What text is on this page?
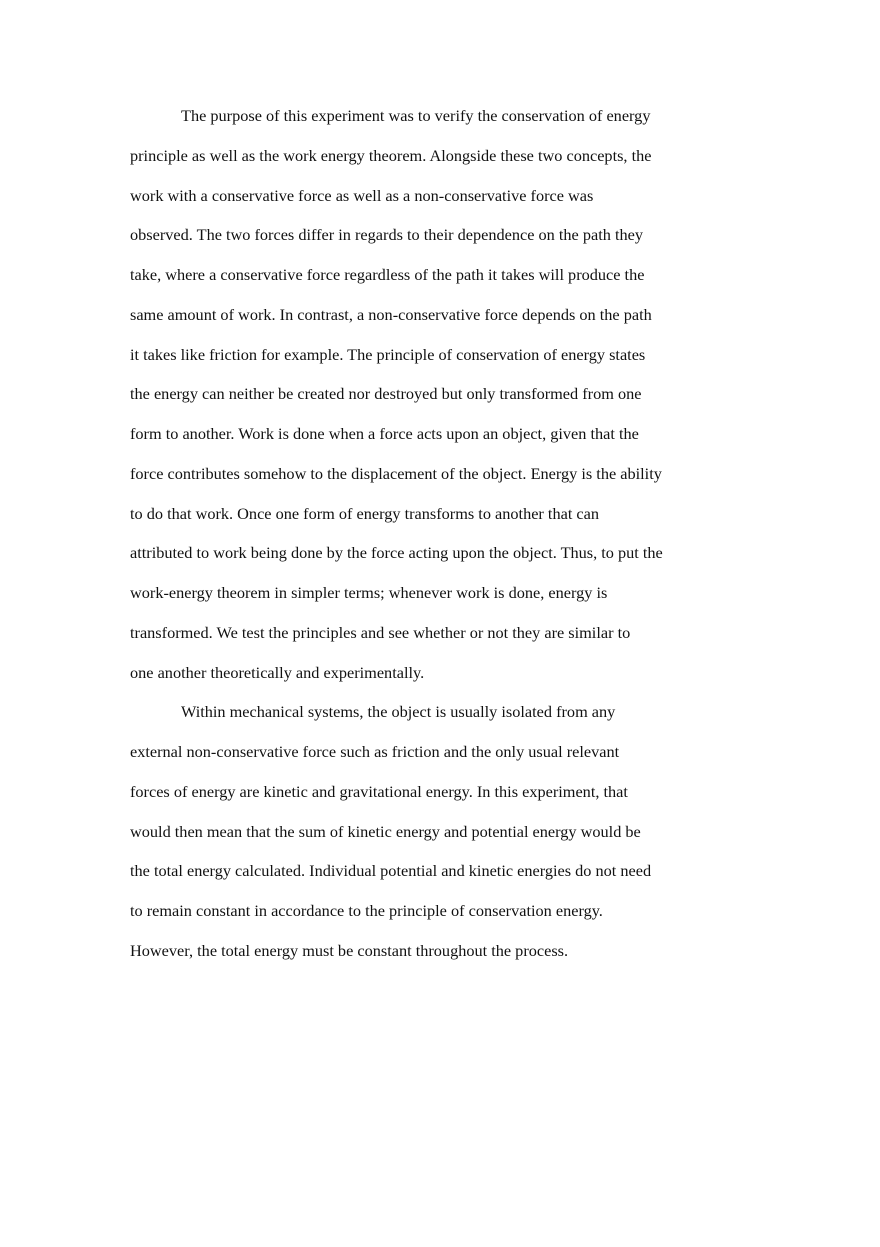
The purpose of this experiment was to verify the conservation of energy
principle as well as the work energy theorem. Alongside these two concepts, the
work with a conservative force as well as a non-conservative force was
observed. The two forces differ in regards to their dependence on the path they
take, where a conservative force regardless of the path it takes will produce the
same amount of work. In contrast, a non-conservative force depends on the path
it takes like friction for example. The principle of conservation of energy states
the energy can neither be created nor destroyed but only transformed from one
form to another. Work is done when a force acts upon an object, given that the
force contributes somehow to the displacement of the object. Energy is the ability
to do that work. Once one form of energy transforms to another that can
attributed to work being done by the force acting upon the object. Thus, to put the
work-energy theorem in simpler terms; whenever work is done, energy is
transformed. We test the principles and see whether or not they are similar to
one another theoretically and experimentally.
Within mechanical systems, the object is usually isolated from any
external non-conservative force such as friction and the only usual relevant
forces of energy are kinetic and gravitational energy. In this experiment, that
would then mean that the sum of kinetic energy and potential energy would be
the total energy calculated. Individual potential and kinetic energies do not need
to remain constant in accordance to the principle of conservation energy.
However, the total energy must be constant throughout the process.
